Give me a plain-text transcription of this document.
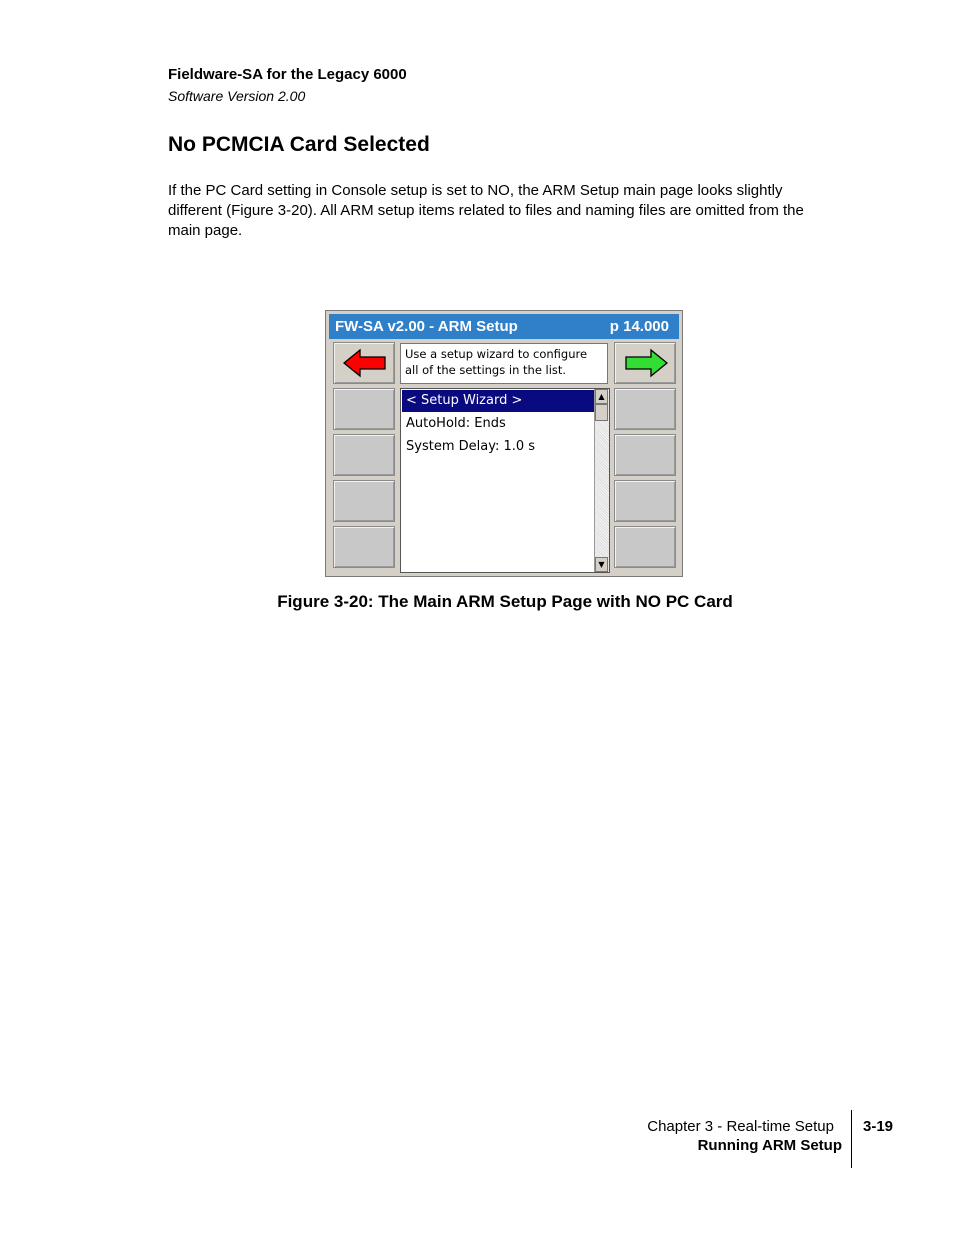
Fieldware-SA for the Legacy 6000
Software Version 2.00
No PCMCIA Card Selected
If the PC Card setting in Console setup is set to NO, the ARM Setup main page looks slightly different (Figure 3-20). All ARM setup items related to files and naming files are omitted from the main page.
FW-SA v2.00 - ARM Setup	p 14.000
Use a setup wizard to configure all of the settings in the list.
< Setup Wizard >
AutoHold: Ends
System Delay: 1.0 s
▲
▼
Figure 3-20: The Main ARM Setup Page with NO PC Card
Chapter 3 - Real-time Setup
Running ARM Setup
3-19
